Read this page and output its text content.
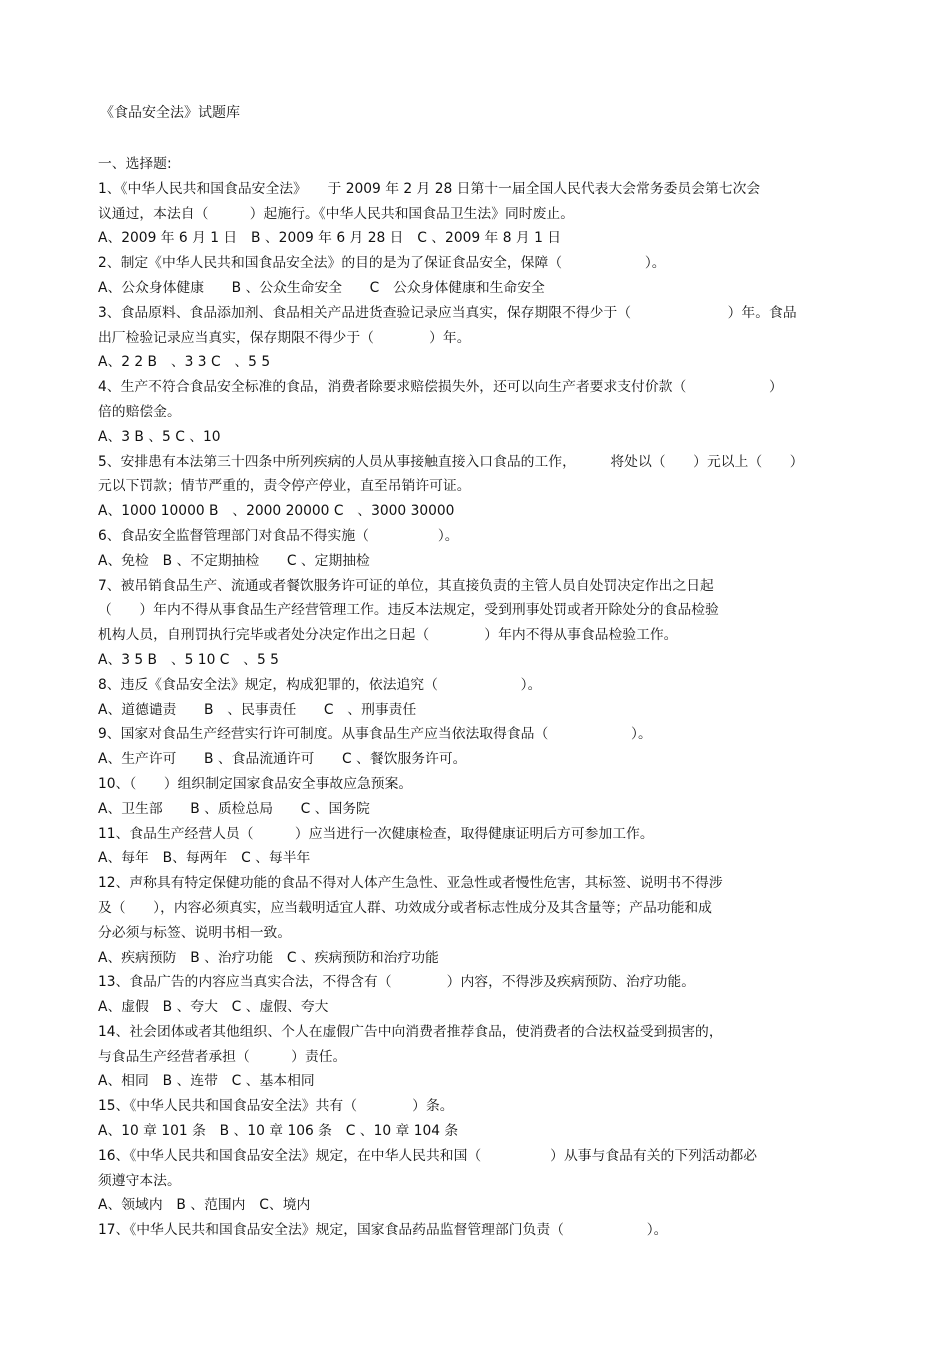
《食品安全法》试题库
一、选择题:
1、《中华人民共和国食品安全法》　　于 2009 年 2 月 28 日第十一届全国人民代表大会常务委员会第七次会
议通过，本法自（　　　）起施行。《中华人民共和国食品卫生法》同时废止。
A、2009 年 6 月 1 日　B 、2009 年 6 月 28 日　C 、2009 年 8 月 1 日
2、制定《中华人民共和国食品安全法》的目的是为了保证食品安全，保障（　　　　　　）。
A、公众身体健康　　B 、公众生命安全　　C　公众身体健康和生命安全
3、食品原料、食品添加剂、食品相关产品进货查验记录应当真实，保存期限不得少于（　　　　　　　）年。食品
出厂检验记录应当真实，保存期限不得少于（　　　　）年。
A、2 2 B　、3 3 C　、5 5
4、生产不符合食品安全标准的食品，消费者除要求赔偿损失外，还可以向生产者要求支付价款（　　　　　　）
倍的赔偿金。
A、3 B 、5 C 、10
5、安排患有本法第三十四条中所列疾病的人员从事接触直接入口食品的工作，　　　将处以（　　）元以上（　　）
元以下罚款；情节严重的，责令停产停业，直至吊销许可证。
A、1000 10000 B　、2000 20000 C　、3000 30000
6、食品安全监督管理部门对食品不得实施（　　　　　）。
A、免检　B 、不定期抽检　　C 、定期抽检
7、被吊销食品生产、流通或者餐饮服务许可证的单位，其直接负责的主管人员自处罚决定作出之日起
（　　）年内不得从事食品生产经营管理工作。违反本法规定，受到刑事处罚或者开除处分的食品检验
机构人员，自刑罚执行完毕或者处分决定作出之日起（　　　　）年内不得从事食品检验工作。
A、3 5 B　、5 10 C　、5 5
8、违反《食品安全法》规定，构成犯罪的，依法追究（　　　　　　）。
A、道德谴责　　B　、民事责任　　C　、刑事责任
9、国家对食品生产经营实行许可制度。从事食品生产应当依法取得食品（　　　　　　）。
A、生产许可　　B 、食品流通许可　　C 、餐饮服务许可。
10、（　　）组织制定国家食品安全事故应急预案。
A、卫生部　　B 、质检总局　　C 、国务院
11、食品生产经营人员（　　　）应当进行一次健康检查，取得健康证明后方可参加工作。
A、每年　B、每两年　C 、每半年
12、声称具有特定保健功能的食品不得对人体产生急性、亚急性或者慢性危害，其标签、说明书不得涉
及（　　），内容必须真实，应当载明适宜人群、功效成分或者标志性成分及其含量等；产品功能和成
分必须与标签、说明书相一致。
A、疾病预防　B 、治疗功能　C 、疾病预防和治疗功能
13、食品广告的内容应当真实合法，不得含有（　　　　）内容，不得涉及疾病预防、治疗功能。
A、虚假　B 、夸大　C 、虚假、夸大
14、社会团体或者其他组织、个人在虚假广告中向消费者推荐食品，使消费者的合法权益受到损害的，
与食品生产经营者承担（　　　）责任。
A、相同　B 、连带　C 、基本相同
15、《中华人民共和国食品安全法》共有（　　　　）条。
A、10 章 101 条　B 、10 章 106 条　C 、10 章 104 条
16、《中华人民共和国食品安全法》规定，在中华人民共和国（　　　　　）从事与食品有关的下列活动都必
须遵守本法。
A、领域内　B 、范围内　C、境内
17、《中华人民共和国食品安全法》规定，国家食品药品监督管理部门负责（　　　　　　）。
